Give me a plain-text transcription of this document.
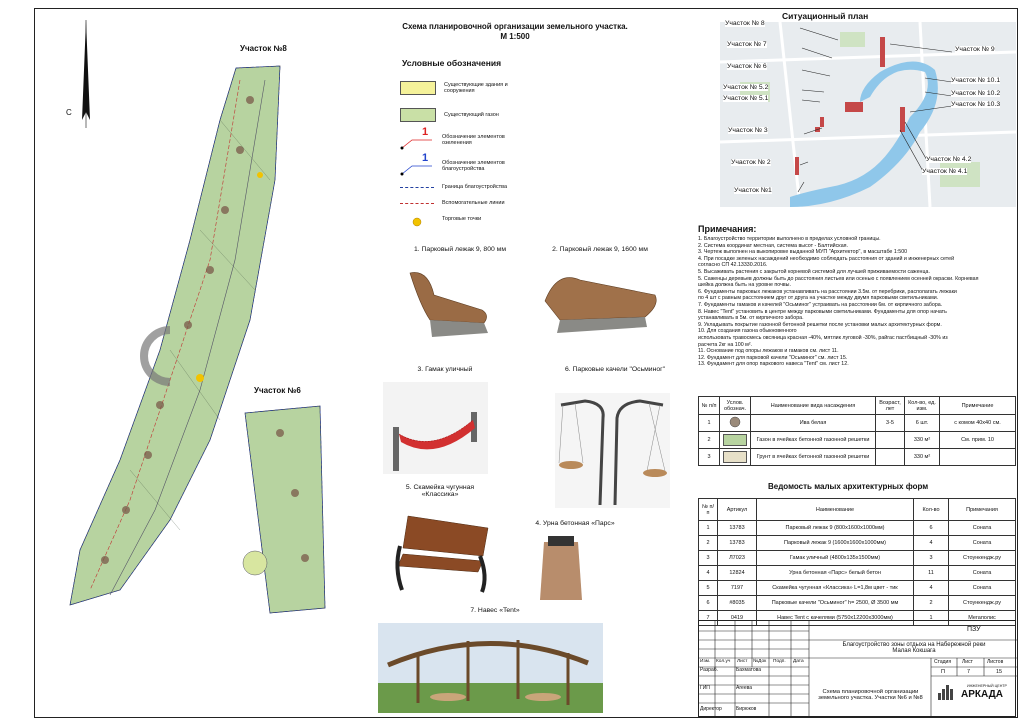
С
Участок №8
Участок №6
Схема планировочной организации земельного участка.
М 1:500
Условные обозначения
Существующие здания и сооружения
Существующий газон
1	Обозначение элементов озеленения
1	Обозначение элементов благоустройства
Граница благоустройства
Вспомогательные линии
Торговые точки
1. Парковый лежак 9, 800 мм	2. Парковый лежак 9, 1600 мм
3. Гамак уличный	6. Парковые качели "Осьминог"
5. Скамейка чугунная «Классика»
4. Урна бетонная «Парс»
7. Навес «Tent»
Ситуационный план
Участок № 8
Участок № 7
Участок № 6
Участок № 5.2
Участок № 5.1
Участок № 3
Участок № 2
Участок №1
Участок № 9
Участок № 10.1
Участок № 10.2
Участок № 10.3
Участок № 4.2
Участок № 4.1
Примечания:

1. Благоустройство территории выполнено в пределах условной границы.

2. Система координат местная, система высот - Балтийская.

3. Чертеж выполнен на выкопировке выданной МУП "Архитектор", в масштабе 1:500

4. При посадке зеленых насаждений необходимо соблюдать расстояния от зданий и инженерных сетей

согласно СП 42.13330.2016.

5. Высаживать растения с закрытой корневой системой для лучшей приживаемости саженца.

5. Саженцы деревьев должны быть до расстояния листьев или осенью с появлением осенней окраски. Корневая

шейка должна быть на уровне почвы.

6. Фундаменты парковых лежаков устанавливать на расстоянии 3.5м. от перебрики, располагать лежаки

по 4 шт с равным расстоянием друг от друга на участке между двумя парковыми светильниками.

7. Фундаменты гамаков и качелей "Осьминог" устраивать на расстоянии 6м. от кирпичного забора.

8. Навес "Tent" установить в центре между парковыми светильниками. Фундаменты для опор начать

устанавливать в 5м. от кирпичного забора.

9. Укладывать покрытие газонной бетонной решетки после установки малых архитектурных форм.

10. Для создания газона обыкновенного

использовать травосмесь овсяница красная -40%, мятлик луговой -30%, райгас пастбищный -30% из

расчета 2кг на 100 м².

11. Основание под опоры лежаков и гамаков см. лист 11.

12. Фундамент для парковой качели "Осьминог" см. лист 15.

13. Фундамент для опор паркового навеса "Tent" см. лист 12.

№ п/п	Услов. обознач.	Наименование вида насаждения	Возраст, лет	Кол-во, ед. изм.	Примечание
1		Ива белая	3-5	6 шт.	с комом 40х40 см.
2		Газон в ячейках бетонной газонной решетки		330 м²	См. прим. 10
3		Грунт в ячейках бетонной газонной решетки		330 м²	
Ведомость малых архитектурных форм
№ п/п	Артикул	Наименование	Кол-во	Примечания
1	13783	Парковый лежак 9 (800х1600х1000мм)	6	Соната
2	13783	Парковый лежак 9 (1600х1600х1000мм)	4	Соната
3	Л7023	Гамак уличный (4800х135х1500мм)	3	Стоункендж.ру
4	12824	Урна бетонная «Парс» белый бетон	11	Соната
5	7197	Скамейка чугунная «Классика» L=1,8м цвет - тик	4	Соната
6	#8035	Парковые качели "Осьминог" h= 2500, Ø 3500 мм	2	Стоункендж.ру
7	0419	Навес Tent с качелями (5750х12200х3000мм)	1	Мегаполис
ПЗУ
Благоустройство зоны отдыха на Набережной реки Малая Кокшага
Изм. Кол.уч Лист №Док Подп. Дата
Разраб.	Бахматова
ГИП	Агеева
Директор	Бирюков
Стадия Лист	Листов
П	7	15
Схема планировочной организации земельного участка. Участки №6 и №8
ИНЖЕНЕРНЫЙ ЦЕНТР
АРКАДА
